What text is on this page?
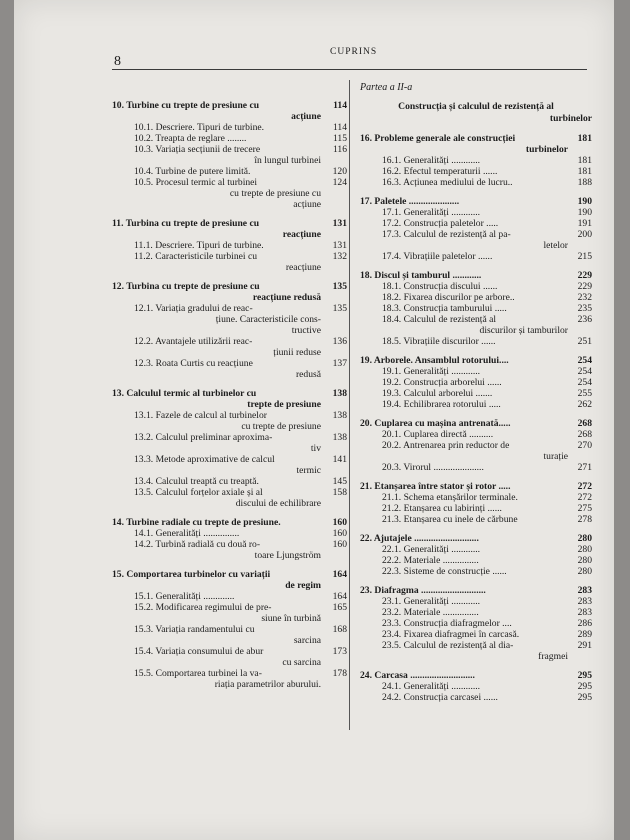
CUPRINS
8
10. Turbine cu trepte de presiune cu
acțiune
114
10.1. Descriere. Tipuri de turbine.	114
10.2. Treapta de reglare ........	115
10.3. Variația secțiunii de trecere
în lungul turbinei
116
10.4. Turbine de putere limită.	120
10.5. Procesul termic al turbinei
cu trepte de presiune cu
acțiune
124
11. Turbina cu trepte de presiune cu
reacțiune
131
11.1. Descriere. Tipuri de turbine.	131
11.2. Caracteristicile turbinei cu
reacțiune
132
12. Turbina cu trepte de presiune cu
reacțiune redusă
135
12.1. Variația gradului de reac-
țiune. Caracteristicile cons-
tructive
135
12.2. Avantajele utilizării reac-
țiunii reduse
136
12.3. Roata Curtis cu reacțiune
redusă
137
13. Calculul termic al turbinelor cu
trepte de presiune
138
13.1. Fazele de calcul al turbinelor
cu trepte de presiune
138
13.2. Calculul preliminar aproxima-
tiv
138
13.3. Metode aproximative de calcul
termic
141
13.4. Calculul treaptă cu treaptă.	145
13.5. Calculul forțelor axiale și al
discului de echilibrare
158
14. Turbine radiale cu trepte de presiune.	160
14.1. Generalități ...............	160
14.2. Turbină radială cu două ro-
toare Ljungström
160
15. Comportarea turbinelor cu variații
de regim
164
15.1. Generalități .............	164
15.2. Modificarea regimului de pre-
siune în turbină
165
15.3. Variația randamentului cu
sarcina
168
15.4. Variația consumului de abur
cu sarcina
173
15.5. Comportarea turbinei la va-
riația parametrilor aburului.
178
Partea a II-a
Construcția și calculul de rezistență al
turbinelor
16. Probleme generale ale construcției
turbinelor
181
16.1. Generalități ............	181
16.2. Efectul temperaturii ......	181
16.3. Acțiunea mediului de lucru..	188
17. Paletele .....................	190
17.1. Generalități ............	190
17.2. Construcția paletelor .....	191
17.3. Calculul de rezistență al pa-
letelor
200
17.4. Vibrațiile paletelor ......	215
18. Discul și tamburul ............	229
18.1. Construcția discului ......	229
18.2. Fixarea discurilor pe arbore..	232
18.3. Construcția tamburului .....	235
18.4. Calculul de rezistență al
discurilor și tamburilor
236
18.5. Vibrațiile discurilor ......	251
19. Arborele. Ansamblul rotorului....	254
19.1. Generalități ............	254
19.2. Construcția arborelui ......	254
19.3. Calculul arborelui .......	255
19.4. Echilibrarea rotorului .....	262
20. Cuplarea cu mașina antrenată.....	268
20.1. Cuplarea directă ..........	268
20.2. Antrenarea prin reductor de
turație
270
20.3. Virorul .....................	271
21. Etanșarea între stator și rotor .....	272
21.1. Schema etanșărilor terminale.	272
21.2. Etanșarea cu labirinți ......	275
21.3. Etanșarea cu inele de cărbune	278
22. Ajutajele ...........................	280
22.1. Generalități ............	280
22.2. Materiale ...............	280
22.3. Sisteme de construcție ......	280
23. Diafragma ...........................	283
23.1. Generalități ............	283
23.2. Materiale ...............	283
23.3. Construcția diafragmelor ....	286
23.4. Fixarea diafragmei în carcasă.	289
23.5. Calculul de rezistență al dia-
fragmei
291
24. Carcasa ...........................	295
24.1. Generalități ............	295
24.2. Construcția carcasei ......	295
